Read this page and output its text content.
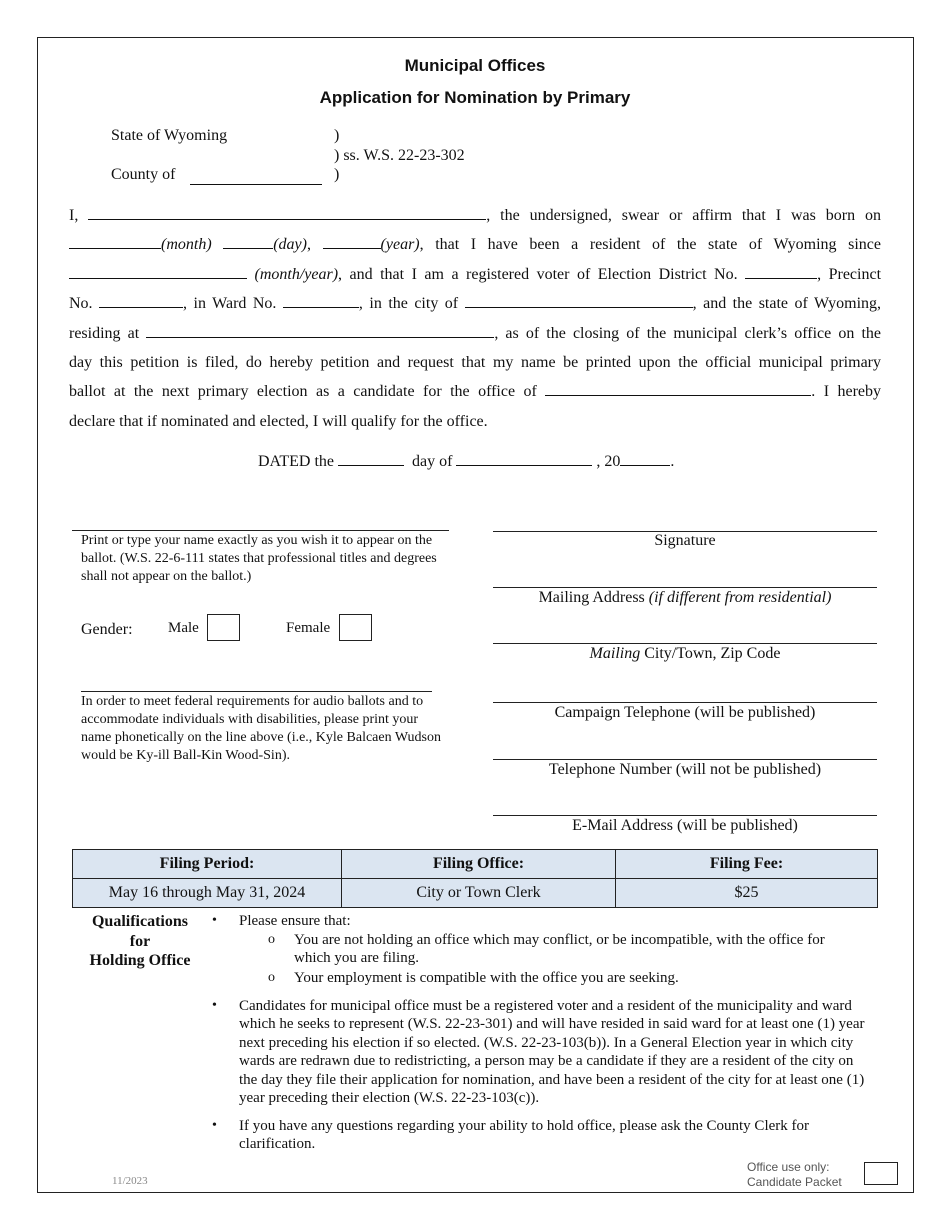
Municipal Offices
Application for Nomination by Primary
State of Wyoming	)
) ss. W.S. 22-23-302
County of	)
I,	, the undersigned, swear or affirm that I was born on
(month)	(day),	(year), that I have been a resident of the state of Wyoming since
(month/year), and that I am a registered voter of Election District No.	, Precinct
No.	, in Ward No.	, in the city of	, and the state of Wyoming,
residing at	, as of the closing of the municipal clerk’s office on the
day this petition is filed, do hereby petition and request that my name be printed upon the official municipal primary
ballot at the next primary election as a candidate for the office of	. I hereby
declare that if nominated and elected, I will qualify for the office.
DATED the	day of	, 20	.
Print or type your name exactly as you wish it to appear on the ballot. (W.S. 22-6-111 states that professional titles and degrees shall not appear on the ballot.)
Gender: Male	Female
In order to meet federal requirements for audio ballots and to accommodate individuals with disabilities, please print your name phonetically on the line above (i.e., Kyle Balcaen Wudson would be Ky-ill Ball-Kin Wood-Sin).
Signature
Mailing Address (if different from residential)
Mailing City/Town, Zip Code
Campaign Telephone (will be published)
Telephone Number (will not be published)
E-Mail Address (will be published)
Filing Period:	Filing Office:	Filing Fee:
May 16 through May 31, 2024	City or Town Clerk	$25
Qualifications
for
Holding Office
• Please ensure that:
o You are not holding an office which may conflict, or be incompatible, with the office for which you are filing.
o Your employment is compatible with the office you are seeking.
• Candidates for municipal office must be a registered voter and a resident of the municipality and ward which he seeks to represent (W.S. 22-23-301) and will have resided in said ward for at least one (1) year next preceding his election if so elected. (W.S. 22-23-103(b)). In a General Election year in which city wards are redrawn due to redistricting, a person may be a candidate if they are a resident of the city on the day they file their application for nomination, and have been a resident of the city for at least one (1) year preceding their election (W.S. 22-23-103(c)).
• If you have any questions regarding your ability to hold office, please ask the County Clerk for clarification.
11/2023
Office use only:
Candidate Packet
